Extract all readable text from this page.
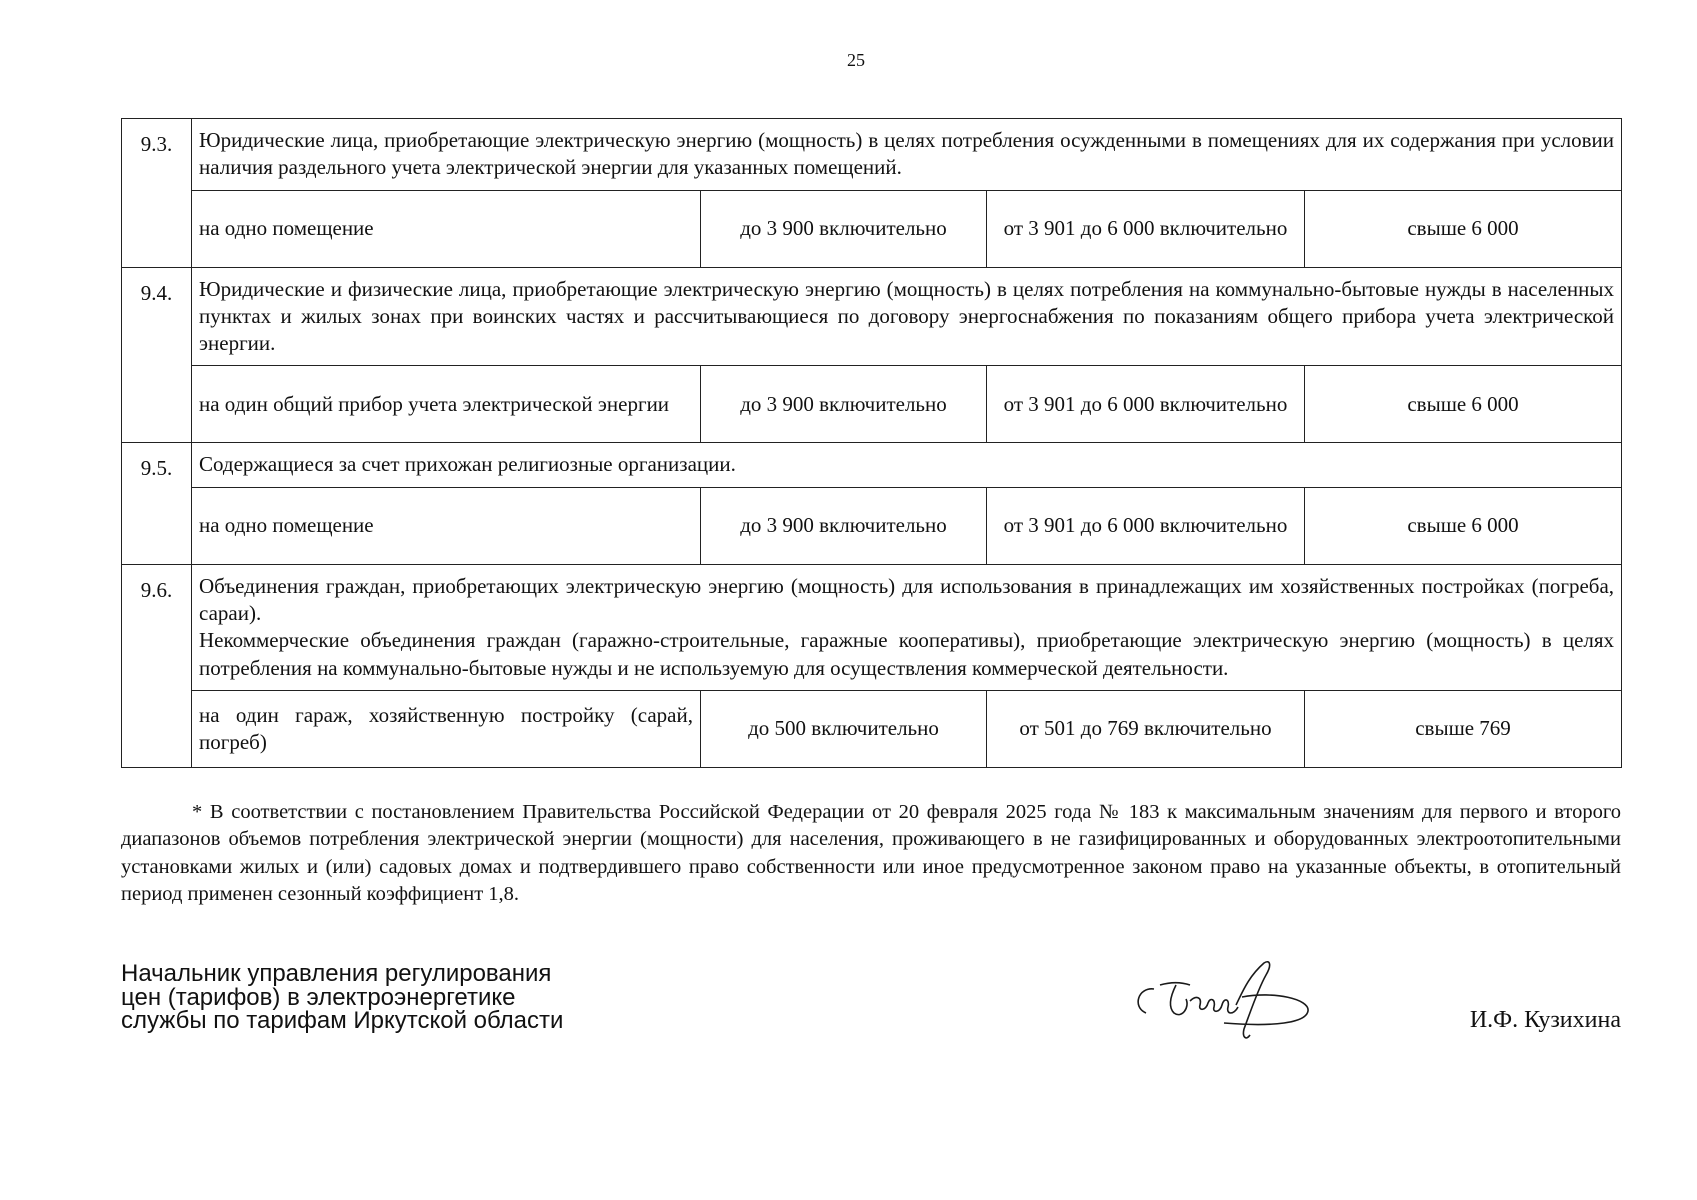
25
9.3.	Юридические лица, приобретающие электрическую энергию (мощность) в целях потребления осужденными в помещениях для их содержания при условии наличия раздельного учета электрической энергии для указанных помещений.			

	на одно помещение	до 3 900 включительно	от 3 901 до 6 000 включительно	свыше 6 000
9.4.	Юридические и физические лица, приобретающие электрическую энергию (мощность) в целях потребления на коммунально-бытовые нужды в населенных пунктах и жилых зонах при воинских частях и рассчитывающиеся по договору энергоснабжения по показаниям общего прибора учета электрической энергии.			

	на один общий прибор учета электрической энергии	до 3 900 включительно	от 3 901 до 6 000 включительно	свыше 6 000
9.5.	Содержащиеся за счет прихожан религиозные организации.			

	на одно помещение	до 3 900 включительно	от 3 901 до 6 000 включительно	свыше 6 000
9.6.	Объединения граждан, приобретающих электрическую энергию (мощность) для использования в принадлежащих им хозяйственных постройках (погреба, сараи).

Некоммерческие объединения граждан (гаражно-строительные, гаражные кооперативы), приобретающие электрическую энергию (мощность) в целях потребления на коммунально-бытовые нужды и не используемую для осуществления коммерческой деятельности.			

	на один гараж, хозяйственную постройку (сарай, погреб)	до 500 включительно	от 501 до 769 включительно	свыше 769

* В соответствии с постановлением Правительства Российской Федерации от 20 февраля 2025 года № 183 к максимальным значениям для первого и второго диапазонов объемов потребления электрической энергии (мощности) для населения, проживающего в не газифицированных и оборудованных электроотопительными установками жилых и (или) садовых домах и подтвердившего право собственности или иное предусмотренное законом право на указанные объекты, в отопительный период применен сезонный коэффициент 1,8.

Начальник управления регулирования
цен (тарифов) в электроэнергетике
службы по тарифам Иркутской области	И.Ф. Кузихина
